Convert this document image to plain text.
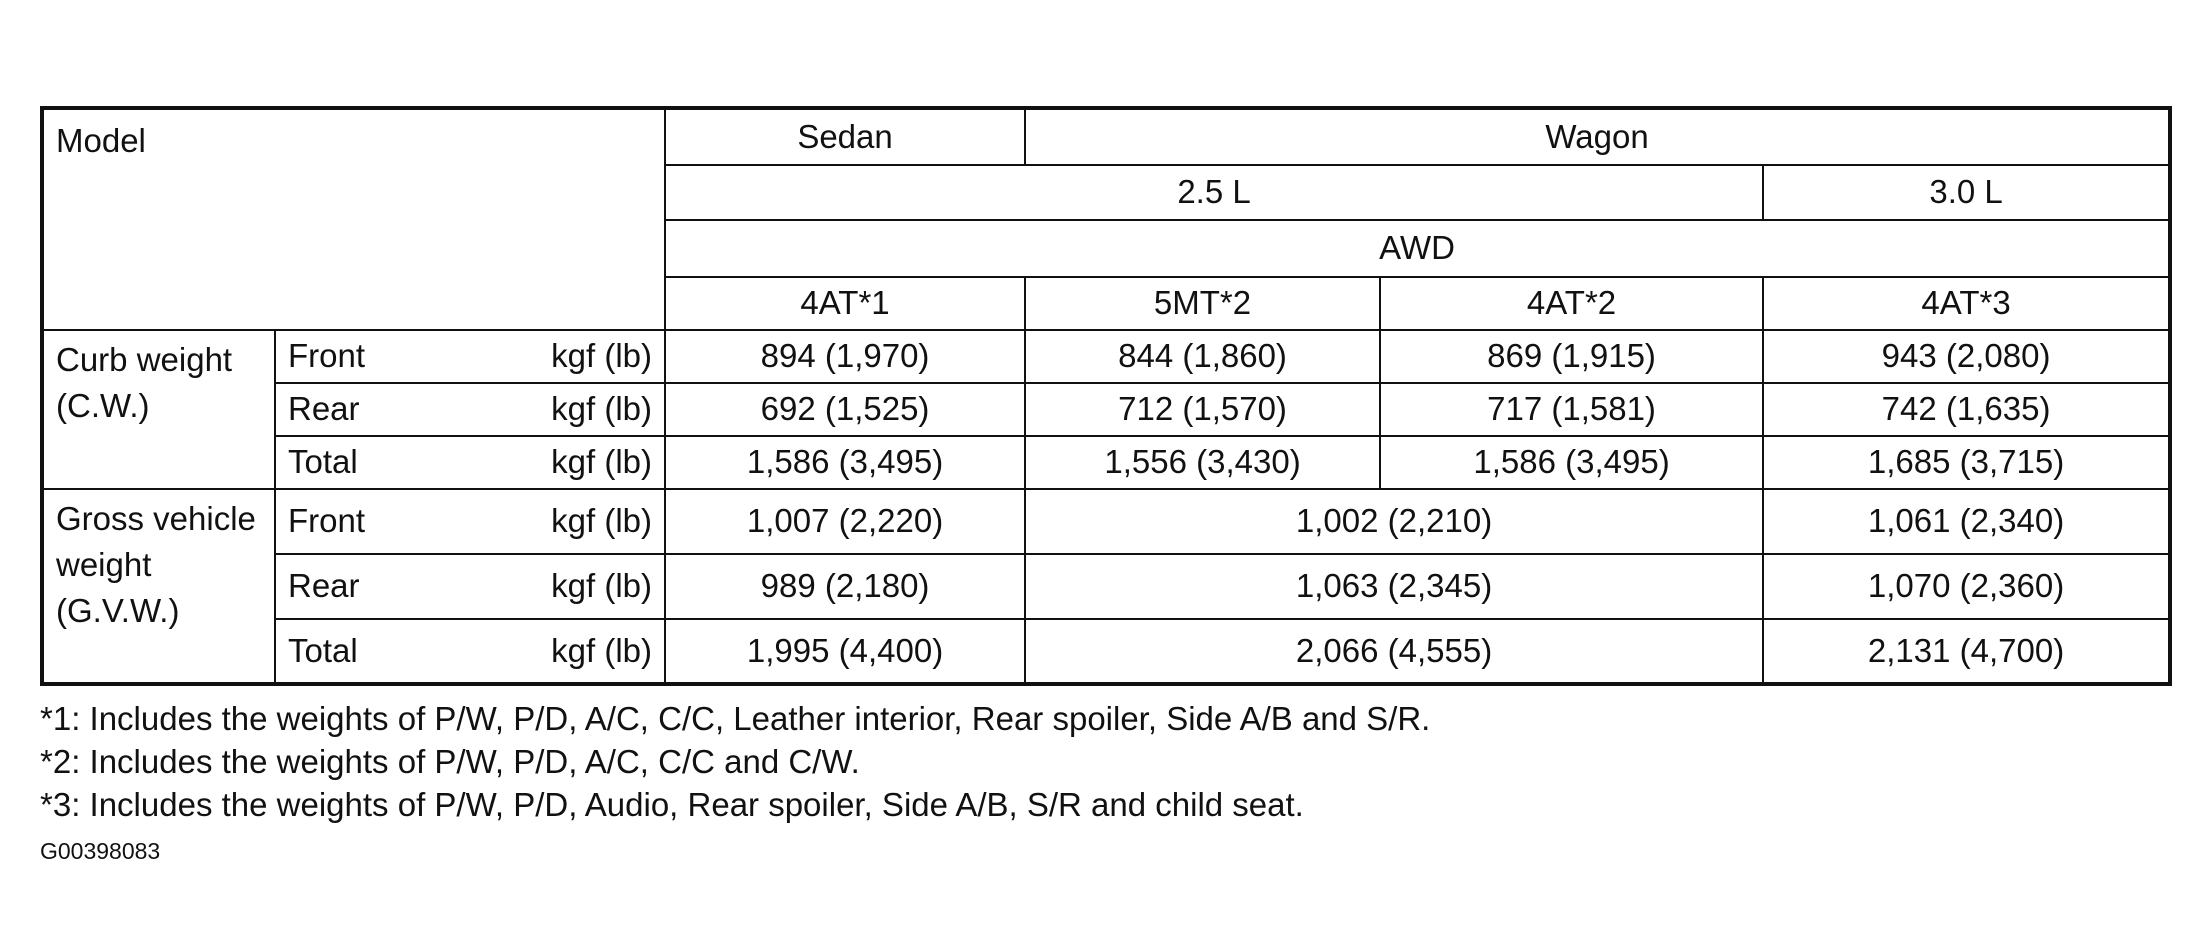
Model			Sedan	Wagon		
			2.5 L			3.0 L
			AWD			
			4AT*1	5MT*2	4AT*2	4AT*3
Curb weight (C.W.)	Front	kgf (lb)	894 (1,970)	844 (1,860)	869 (1,915)	943 (2,080)
	Rear	kgf (lb)	692 (1,525)	712 (1,570)	717 (1,581)	742 (1,635)
	Total	kgf (lb)	1,586 (3,495)	1,556 (3,430)	1,586 (3,495)	1,685 (3,715)
Gross vehicle weight (G.V.W.)	Front	kgf (lb)	1,007 (2,220)	1,002 (2,210)		1,061 (2,340)
	Rear	kgf (lb)	989 (2,180)	1,063 (2,345)		1,070 (2,360)
	Total	kgf (lb)	1,995 (4,400)	2,066 (4,555)		2,131 (4,700)
*1: Includes the weights of P/W, P/D, A/C, C/C, Leather interior, Rear spoiler, Side A/B and S/R.
*2: Includes the weights of P/W, P/D, A/C, C/C and C/W.
*3: Includes the weights of P/W, P/D, Audio, Rear spoiler, Side A/B, S/R and child seat.
G00398083
